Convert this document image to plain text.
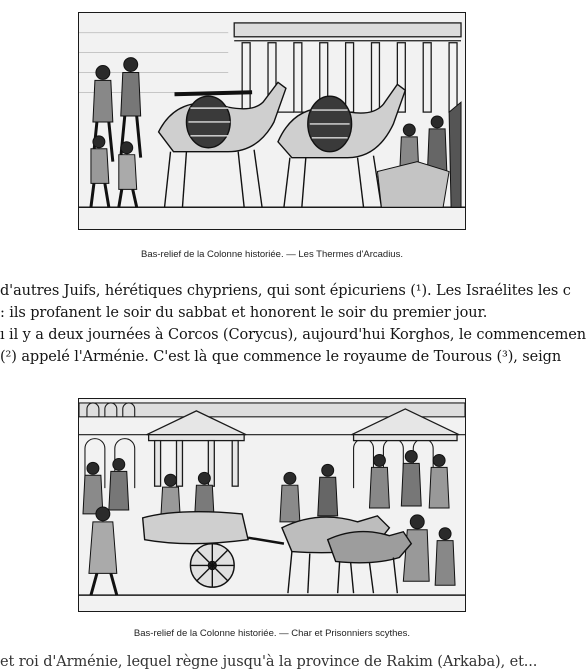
Bas-relief de la Colonne historiée. — Les Thermes d'Arcadius.
d'autres Juifs, hérétiques chypriens, qui sont épicuriens (¹). Les Israélites les c
: ils profanent le soir du sabbat et honorent le soir du premier jour.
ı il y a deux journées à Corcos (Corycus), aujourd'hui Korghos, le commencemen
(²) appelé l'Arménie. C'est là que commence le royaume de Tourous (³), seign
Bas-relief de la Colonne historiée. — Char et Prisonniers scythes.
et roi d'Arménie, lequel règne jusqu'à la province de Rakim (Arkaba), et...
